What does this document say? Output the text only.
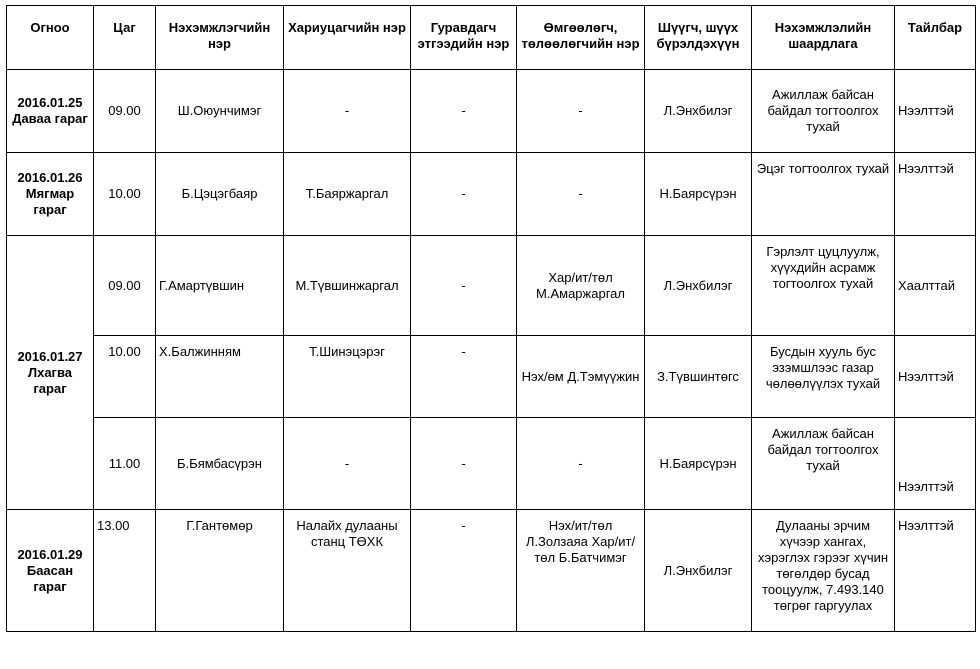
Огноо	Цаг	Нэхэмжлэгчийн нэр	Хариуцагчийн нэр	Гуравдагч этгээдийн нэр	Өмгөөлөгч, төлөөлөгчийн нэр	Шүүгч, шүүх бүрэлдэхүүн	Нэхэмжлэлийн шаардлага	Тайлбар
2016.01.25 Даваа гараг	09.00	Ш.Оюунчимэг	-	-	-	Л.Энхбилэг	Ажиллаж байсан байдал тогтоолгох тухай	Нээлттэй
2016.01.26 Мягмар гараг	10.00	Б.Цэцэгбаяр	Т.Баяржаргал	-	-	Н.Баярсүрэн	Эцэг тогтоолгох тухай	Нээлттэй
2016.01.27 Лхагва гараг	09.00	Г.Амартүвшин	М.Түвшинжаргал	-	Хар/ит/төл М.Амаржаргал	Л.Энхбилэг	Гэрлэлт цуцлуулж, хүүхдийн асрамж тогтоолгох тухай	Хаалттай
	10.00	Х.Балжинням	Т.Шинэцэрэг	-	Нэх/өм Д.Тэмүүжин	З.Түвшинтөгс	Бусдын хууль бус эзэмшлээс газар чөлөөлүүлэх тухай	Нээлттэй
	11.00	Б.Бямбасүрэн	-	-	-	Н.Баярсүрэн	Ажиллаж байсан байдал тогтоолгох тухай	Нээлттэй
2016.01.29 Баасан гараг	13.00	Г.Гантөмөр	Налайх дулааны станц ТӨХК	-	Нэх/ит/төл Л.Золзаяа Хар/ит/төл Б.Батчимэг	Л.Энхбилэг	Дулааны эрчим хүчээр хангах, хэрэглэх гэрээг хүчин төгөлдөр бусад тооцуулж, 7.493.140 төгрөг гаргуулах	Нээлттэй
